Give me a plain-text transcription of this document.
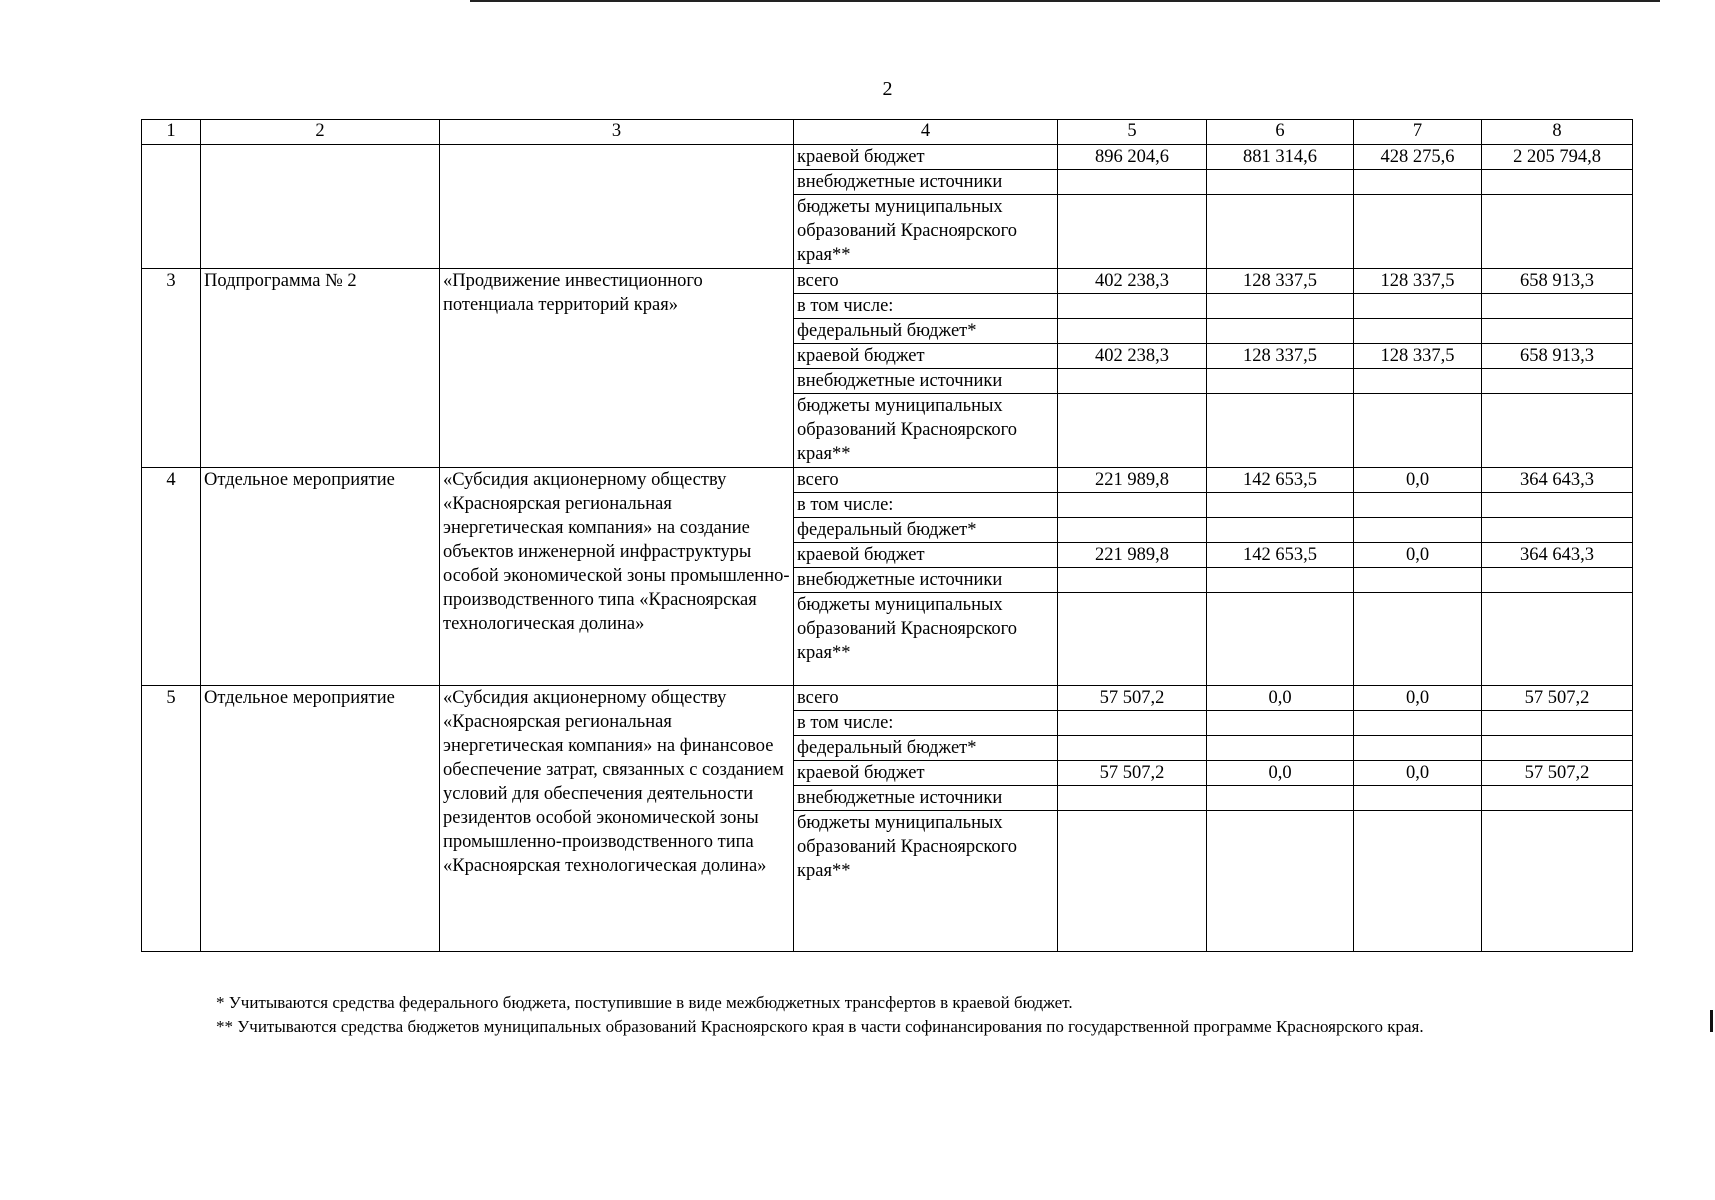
2
1	2	3	4	5	6	7	8
			краевой бюджет	896 204,6	881 314,6	428 275,6	2 205 794,8
			внебюджетные источники				
			бюджеты муниципальных образований Красноярского края**				
3	Подпрограмма № 2	«Продвижение инвестиционного потенциала территорий края»	всего	402 238,3	128 337,5	128 337,5	658 913,3
			в том числе:				
			федеральный бюджет*				
			краевой бюджет	402 238,3	128 337,5	128 337,5	658 913,3
			внебюджетные источники				
			бюджеты муниципальных образований Красноярского края**				
4	Отдельное мероприятие	«Субсидия акционерному обществу «Красноярская региональная энергетическая компания» на создание объектов инженерной инфраструктуры особой экономической зоны промышленно-производственного типа «Красноярская технологическая долина»	всего	221 989,8	142 653,5	0,0	364 643,3
			в том числе:				
			федеральный бюджет*				
			краевой бюджет	221 989,8	142 653,5	0,0	364 643,3
			внебюджетные источники				
			бюджеты муниципальных образований Красноярского края**				
5	Отдельное мероприятие	«Субсидия акционерному обществу «Красноярская региональная энергетическая компания» на финансовое обеспечение затрат, связанных с созданием условий для обеспечения деятельности резидентов особой экономической зоны промышленно-производственного типа «Красноярская технологическая долина»	всего	57 507,2	0,0	0,0	57 507,2
			в том числе:				
			федеральный бюджет*				
			краевой бюджет	57 507,2	0,0	0,0	57 507,2
			внебюджетные источники				
			бюджеты муниципальных образований Красноярского края**				

* Учитываются средства федерального бюджета, поступившие в виде межбюджетных трансфертов в краевой бюджет.

** Учитываются средства бюджетов муниципальных образований Красноярского края в части софинансирования по государственной программе Красноярского края.
